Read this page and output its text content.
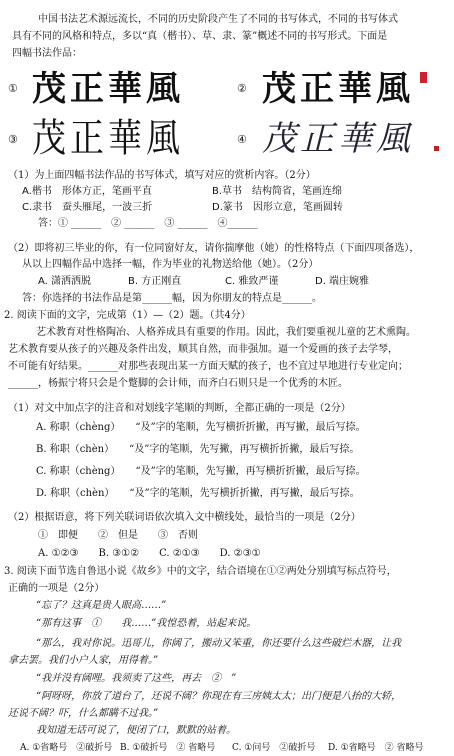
中国书法艺术源远流长，不同的历史阶段产生了不同的书写体式，不同的书写体式
具有不同的风格和特点，多以“真（楷书）、草、隶、篆”概述不同的书写形式。下面是
四幅书法作品：
① 茂正華風	② 茂正華風
③ 茂正華風	④ 茂正華風
（1）为上面四幅书法作品的书写体式，填写对应的赏析内容。（2分）
A.楷书　形体方正，笔画平直	B.草书　结构简省，笔画连绵
C.隶书　蚕头雁尾，一波三折	D.篆书　因形立意，笔画圆转
答：① ______　② ______　③ ______　④______
（2）即将初三毕业的你，有一位同窗好友，请你揣摩他（她）的性格特点（下面四项备选），
从以上四幅作品中选择一幅，作为毕业的礼物送给他（她）。（2分）
A. 潇洒洒脱	B. 方正刚直	C. 雅致严谨	D. 端庄婉雅
答：你选择的书法作品是第______幅，因为你朋友的特点是______。
2. 阅读下面的文字，完成第（1）—（2）题。（共4分）
艺术教育对性格陶冶、人格养成具有重要的作用。因此，我们要重视儿童的艺术熏陶。
艺术教育要从孩子的兴趣及条件出发，顺其自然，而非强加。逼一个爱画的孩子去学琴，
不可能有好结果。______对那些表现出某一方面天赋的孩子，也不宜过早地进行专业定向；
______，杨振宁将只会是个蹩脚的会计师，而齐白石则只是一个优秀的木匠。
（1）对文中加点字的注音和对划线字笔顺的判断，全都正确的一项是（2分）
A. 称职（chèng）　　“及”字的笔顺，先写横折折撇，再写撇，最后写捺。
B. 称职（chèn）　　“及”字的笔顺，先写撇，再写横折折撇，最后写捺。
C. 称职（chèng）　　“及”字的笔顺，先写撇，再写横折折撇，最后写捺。
D. 称职（chèn）　　“及”字的笔顺，先写横折折撇，再写撇，最后写捺。
（2）根据语意，将下列关联词语依次填入文中横线处，最恰当的一项是（2分）
①　即便　　②　但是　　③　否则
A. ①②③　　B. ③①②　　C. ②①③　　D. ②③①
3. 阅读下面节选自鲁迅小说《故乡》中的文字，结合语境在①②两处分别填写标点符号，
正确的一项是（2分）
“忘了？这真是贵人眼高……”
“那有这事　①　　我……”我惶恐着，站起来说。
“那么，我对你说。迅哥儿，你阔了，搬动又笨重，你还要什么这些破烂木器，让我
拿去罢。我们小户人家，用得着。”
“我并没有阔哩。我须卖了这些，再去　②　”
“阿呀呀，你放了道台了，还说不阔？你现在有三房姨太太；出门便是八抬的大轿，
还说不阔？吓，什么都瞒不过我。”
我知道无话可说了，便闭了口，默默的站着。
A. ①省略号　②破折号 B. ①破折号　② 省略号 C. ①问号　②破折号 D. ①省略号　② 省略号
